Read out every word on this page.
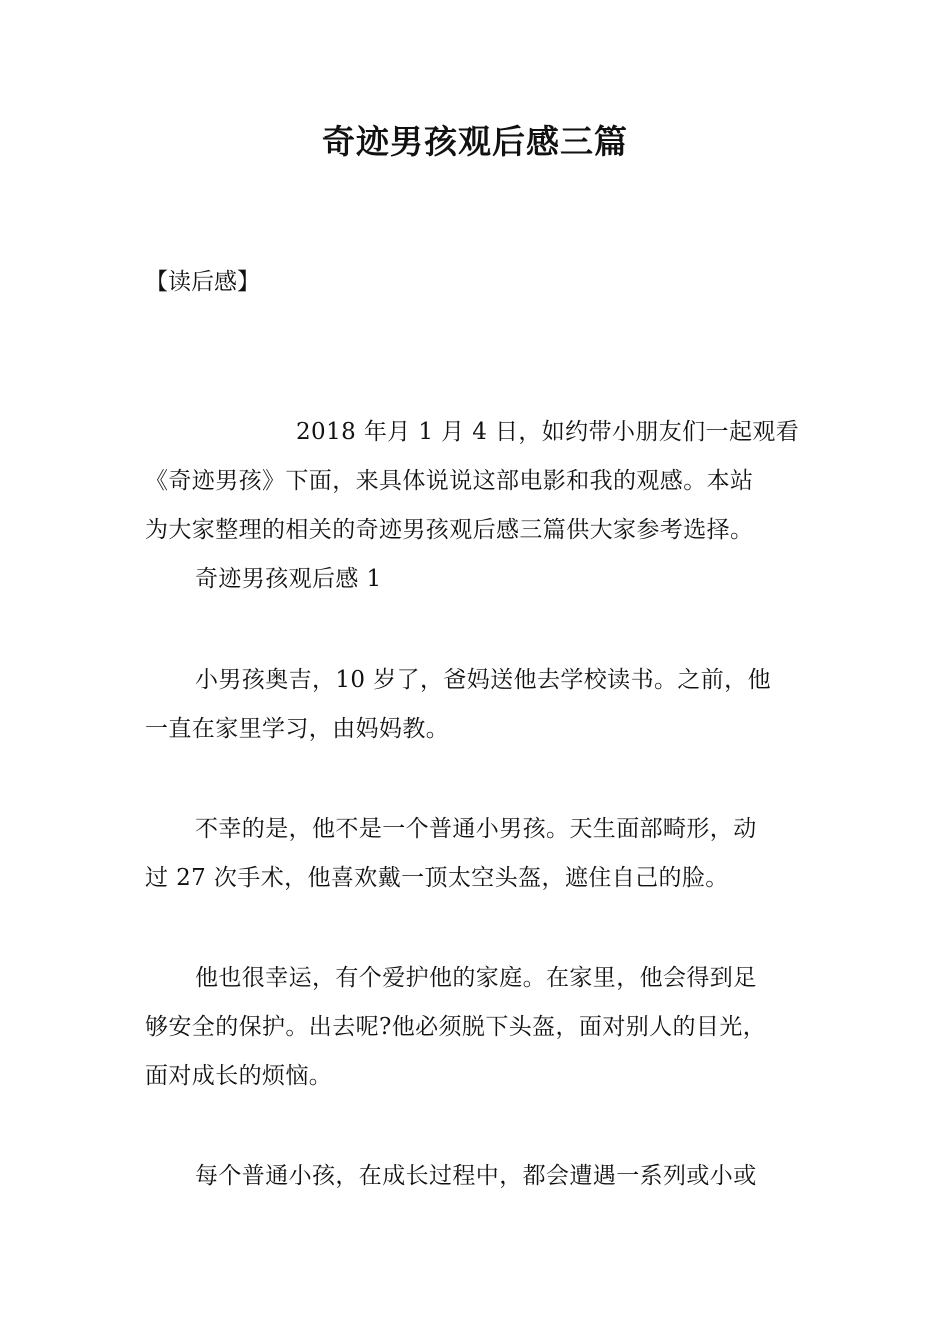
奇迹男孩观后感三篇
【读后感】
2018 年月 1 月 4 日，如约带小朋友们一起观看
《奇迹男孩》下面，来具体说说这部电影和我的观感。本站
为大家整理的相关的奇迹男孩观后感三篇供大家参考选择。
奇迹男孩观后感 1
小男孩奥吉，10 岁了，爸妈送他去学校读书。之前，他
一直在家里学习，由妈妈教。
不幸的是，他不是一个普通小男孩。天生面部畸形，动
过 27 次手术，他喜欢戴一顶太空头盔，遮住自己的脸。
他也很幸运，有个爱护他的家庭。在家里，他会得到足
够安全的保护。出去呢?他必须脱下头盔，面对别人的目光，
面对成长的烦恼。
每个普通小孩，在成长过程中，都会遭遇一系列或小或
